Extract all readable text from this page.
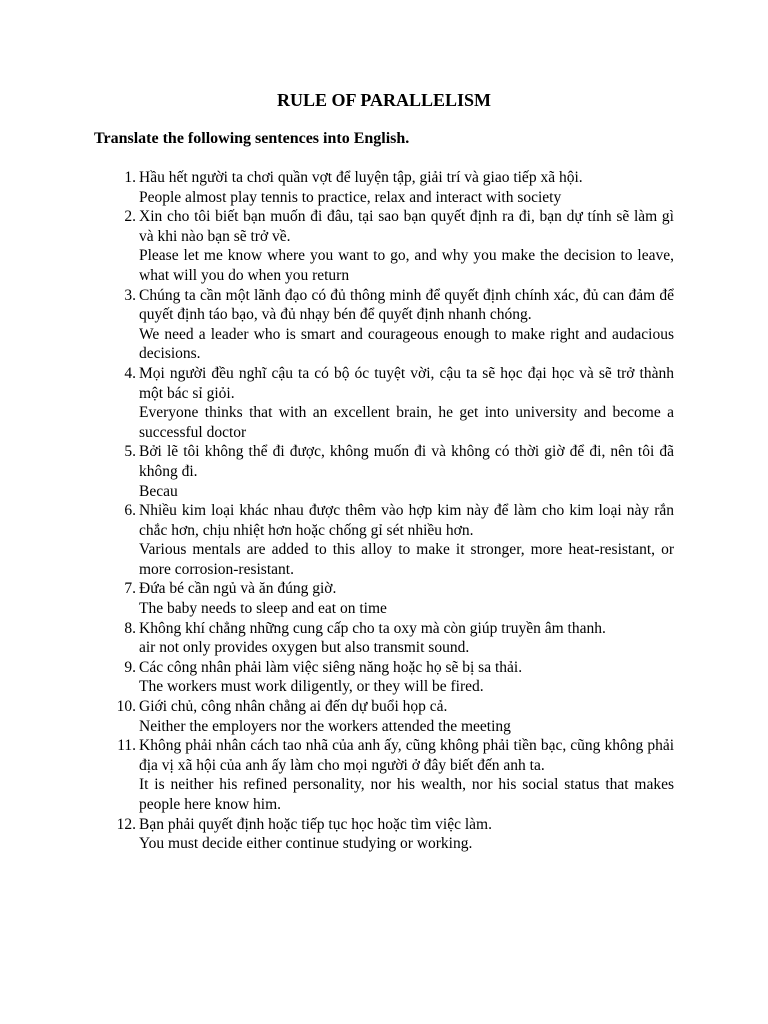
RULE OF PARALLELISM

Translate the following sentences into English.

1. Hầu hết người ta chơi quần vợt để luyện tập, giải trí và giao tiếp xã hội.
People almost play tennis to practice, relax and interact with society
2. Xin cho tôi biết bạn muốn đi đâu, tại sao bạn quyết định ra đi, bạn dự tính sẽ làm gì và khi nào bạn sẽ trở về.
Please let me know where you want to go, and why you make the decision to leave, what will you do when you return
3. Chúng ta cần một lãnh đạo có đủ thông minh để quyết định chính xác, đủ can đảm để quyết định táo bạo, và đủ nhạy bén để quyết định nhanh chóng.
We need a leader who is smart and courageous enough to make right and audacious decisions.
4. Mọi người đều nghĩ cậu ta có bộ óc tuyệt vời, cậu ta sẽ học đại học và sẽ trở thành một bác sỉ giỏi.
Everyone thinks that with an excellent brain, he get into university and become a successful doctor
5. Bởi lẽ tôi không thể đi được, không muốn đi và không có thời giờ để đi, nên tôi đã không đi.
Becau
6. Nhiều kim loại khác nhau được thêm vào hợp kim này để làm cho kim loại này rắn chắc hơn, chịu nhiệt hơn hoặc chống gỉ sét nhiều hơn.
Various mentals are added to this alloy to make it stronger, more heat-resistant, or more corrosion-resistant.
7. Đứa bé cần ngủ và ăn đúng giờ.
The baby needs to sleep and eat on time
8. Không khí chẳng những cung cấp cho ta oxy mà còn giúp truyền âm thanh.
air not only provides oxygen but also transmit sound.
9. Các công nhân phải làm việc siêng năng hoặc họ sẽ bị sa thải.
The workers must work diligently, or they will be fired.
10. Giới chủ, công nhân chẳng ai đến dự buổi họp cả.
Neither the employers nor the workers attended the meeting
11. Không phải nhân cách tao nhã của anh ấy, cũng không phải tiền bạc, cũng không phải địa vị xã hội của anh ấy làm cho mọi người ở đây biết đến anh ta.
It is neither his refined personality, nor his wealth, nor his social status that makes people here know him.
12. Bạn phải quyết định hoặc tiếp tục học hoặc tìm việc làm.
You must decide either continue studying or working.
